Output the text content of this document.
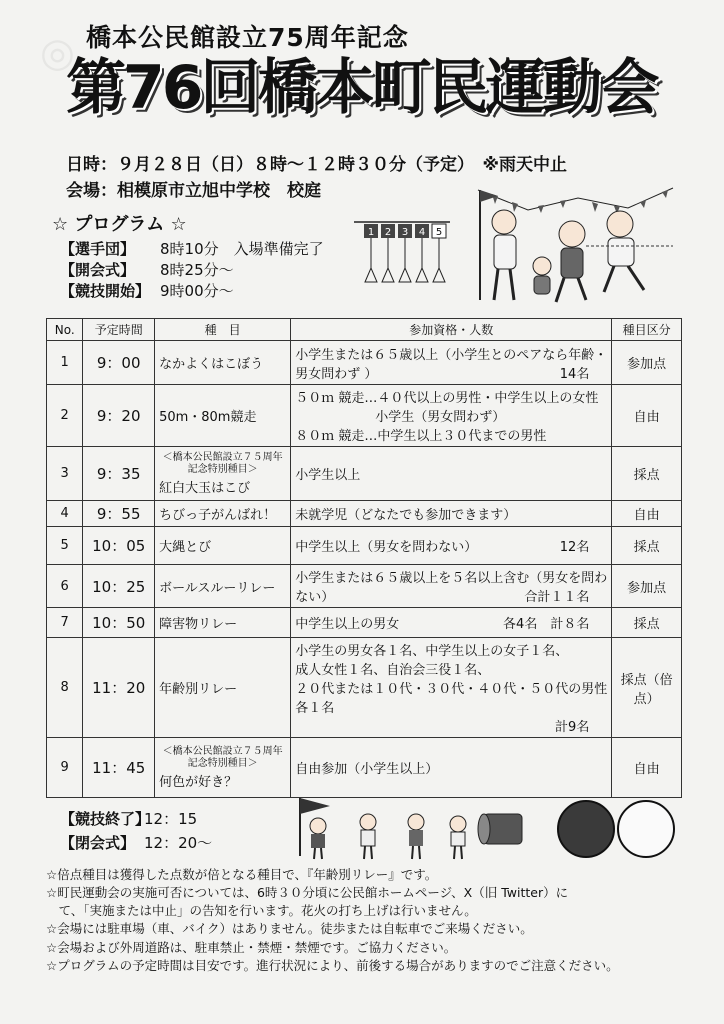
◎ 橋本公民館設立75周年記念
第76回橋本町民運動会
日時：９月２８日（日）８時～１２時３０分（予定）　※雨天中止
会場：相模原市立旭中学校　校庭
☆ プログラム ☆
【選手団】 8時10分　入場準備完了
【開会式】 8時25分～
【競技開始】 9時00分～
1 2 3 4 5
No.	予定時間	種　目	参加資格・人数	種目区分
1	9：00	なかよくはこぼう	小学生または６５歳以上（小学生とのペアなら年齢・男女問わず ） 14名	参加点
2	9：20	50m・80m競走	５０ｍ 競走…４０代以上の男性・中学生以上の女性
小学生（男女問わず）
８０ｍ 競走…中学生以上３０代までの男性	自由
3	9：35	＜橋本公民館設立７５周年記念特別種目＞
紅白大玉はこび	小学生以上	採点
4	9：55	ちびっ子がんばれ！	未就学児（どなたでも参加できます）	自由
5	10：05	大縄とび	中学生以上（男女を問わない） 12名	採点
6	10：25	ボールスルーリレー	小学生または６５歳以上を５名以上含む（男女を問わない） 合計１１名	参加点
7	10：50	障害物リレー	中学生以上の男女 各4名　計８名	採点
8	11：20	年齢別リレー	小学生の男女各１名、中学生以上の女子１名、
成人女性１名、自治会三役１名、
２０代または１０代・３０代・４０代・５０代の男性 各１名
計9名	採点（倍点）
9	11：45	＜橋本公民館設立７５周年記念特別種目＞
何色が好き？	自由参加（小学生以上）	自由
【競技終了】12：15
【閉会式】 12：20～
☆倍点種目は獲得した点数が倍となる種目で、『年齢別リレー』です。
☆町民運動会の実施可否については、6時３０分頃に公民館ホームページ、X（旧 Twitter）に
　て、「実施または中止」の告知を行います。花火の打ち上げは行いません。
☆会場には駐車場（車、バイク）はありません。徒歩または自転車でご来場ください。
☆会場および外周道路は、駐車禁止・禁煙・禁煙です。ご協力ください。
☆プログラムの予定時間は目安です。進行状況により、前後する場合がありますのでご注意ください。
